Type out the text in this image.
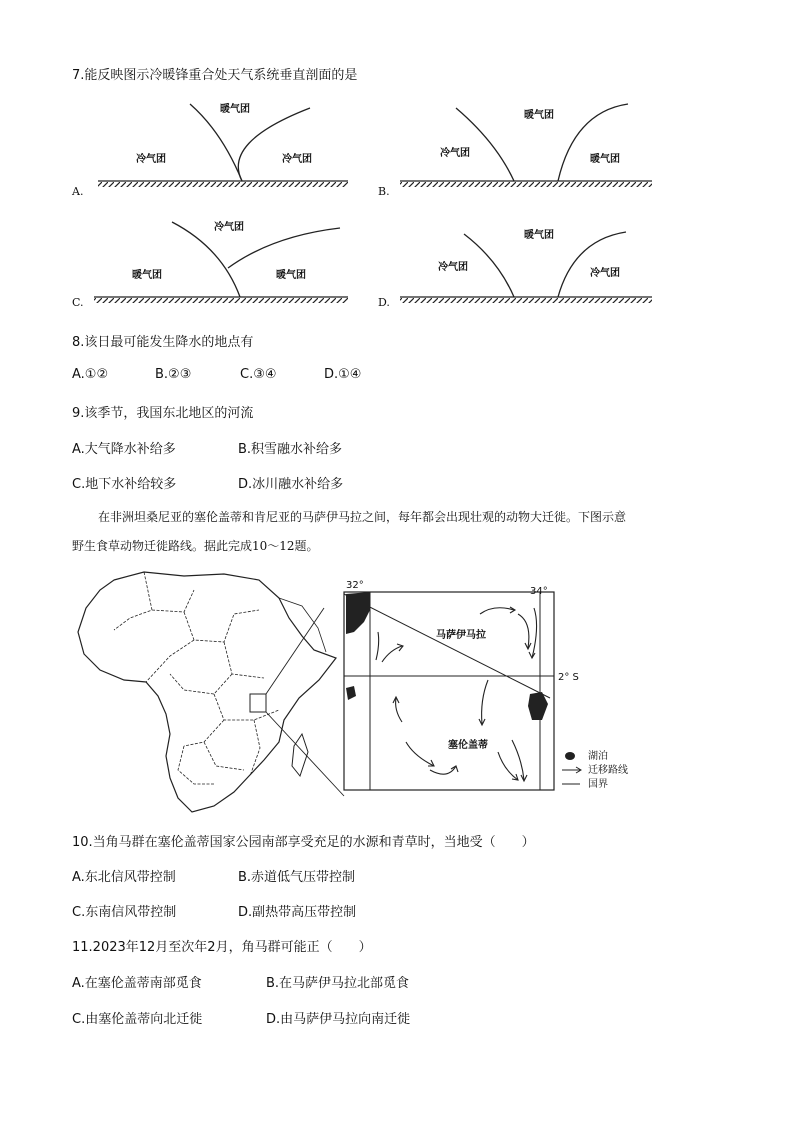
7.能反映图示冷暖锋重合处天气系统垂直剖面的是
暖气团
冷气团	冷气团
A.
暖气团
冷气团
暖气团
B.
冷气团
暖气团	暖气团
C.
暖气团
冷气团
冷气团
D.
8.该日最可能发生降水的地点有
A.①②	B.②③	C.③④	D.①④
9.该季节，我国东北地区的河流
A.大气降水补给多	B.积雪融水补给多
C.地下水补给较多	D.冰川融水补给多
在非洲坦桑尼亚的塞伦盖蒂和肯尼亚的马萨伊马拉之间，每年都会出现壮观的动物大迁徙。下图示意
野生食草动物迁徙路线。据此完成10～12题。
马萨伊马拉
塞伦盖蒂
32°
34°
2° S
湖泊
迁移路线
国界
10.当角马群在塞伦盖蒂国家公园南部享受充足的水源和青草时，当地受（　　）
A.东北信风带控制	B.赤道低气压带控制
C.东南信风带控制	D.副热带高压带控制
11.2023年12月至次年2月，角马群可能正（　　）
A.在塞伦盖蒂南部觅食	B.在马萨伊马拉北部觅食
C.由塞伦盖蒂向北迁徙	D.由马萨伊马拉向南迁徙
